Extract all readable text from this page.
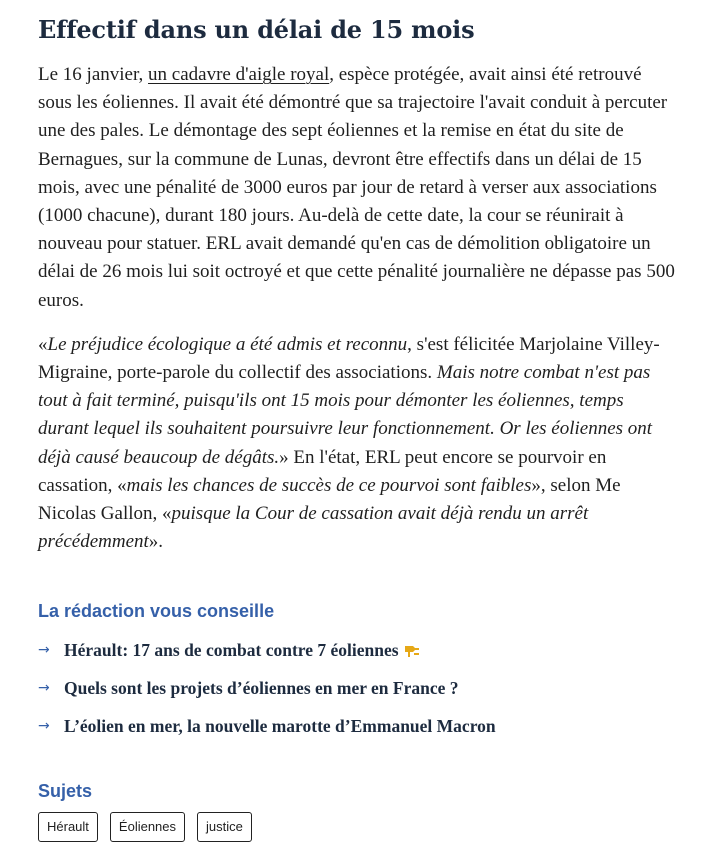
Effectif dans un délai de 15 mois

Le 16 janvier, un cadavre d'aigle royal, espèce protégée, avait ainsi été retrouvé sous les éoliennes. Il avait été démontré que sa trajectoire l'avait conduit à percuter une des pales. Le démontage des sept éoliennes et la remise en état du site de Bernagues, sur la commune de Lunas, devront être effectifs dans un délai de 15 mois, avec une pénalité de 3000 euros par jour de retard à verser aux associations (1000 chacune), durant 180 jours. Au-delà de cette date, la cour se réunirait à nouveau pour statuer. ERL avait demandé qu'en cas de démolition obligatoire un délai de 26 mois lui soit octroyé et que cette pénalité journalière ne dépasse pas 500 euros.

«Le préjudice écologique a été admis et reconnu, s'est félicitée Marjolaine Villey-Migraine, porte-parole du collectif des associations. Mais notre combat n'est pas tout à fait terminé, puisqu'ils ont 15 mois pour démonter les éoliennes, temps durant lequel ils souhaitent poursuivre leur fonctionnement. Or les éoliennes ont déjà causé beaucoup de dégâts.» En l'état, ERL peut encore se pourvoir en cassation, «mais les chances de succès de ce pourvoi sont faibles», selon Me Nicolas Gallon, «puisque la Cour de cassation avait déjà rendu un arrêt précédemment».

La rédaction vous conseille
→ Hérault: 17 ans de combat contre 7 éoliennes
→ Quels sont les projets d’éoliennes en mer en France ?
→ L’éolien en mer, la nouvelle marotte d’Emmanuel Macron
Sujets
Hérault	Éoliennes	justice
